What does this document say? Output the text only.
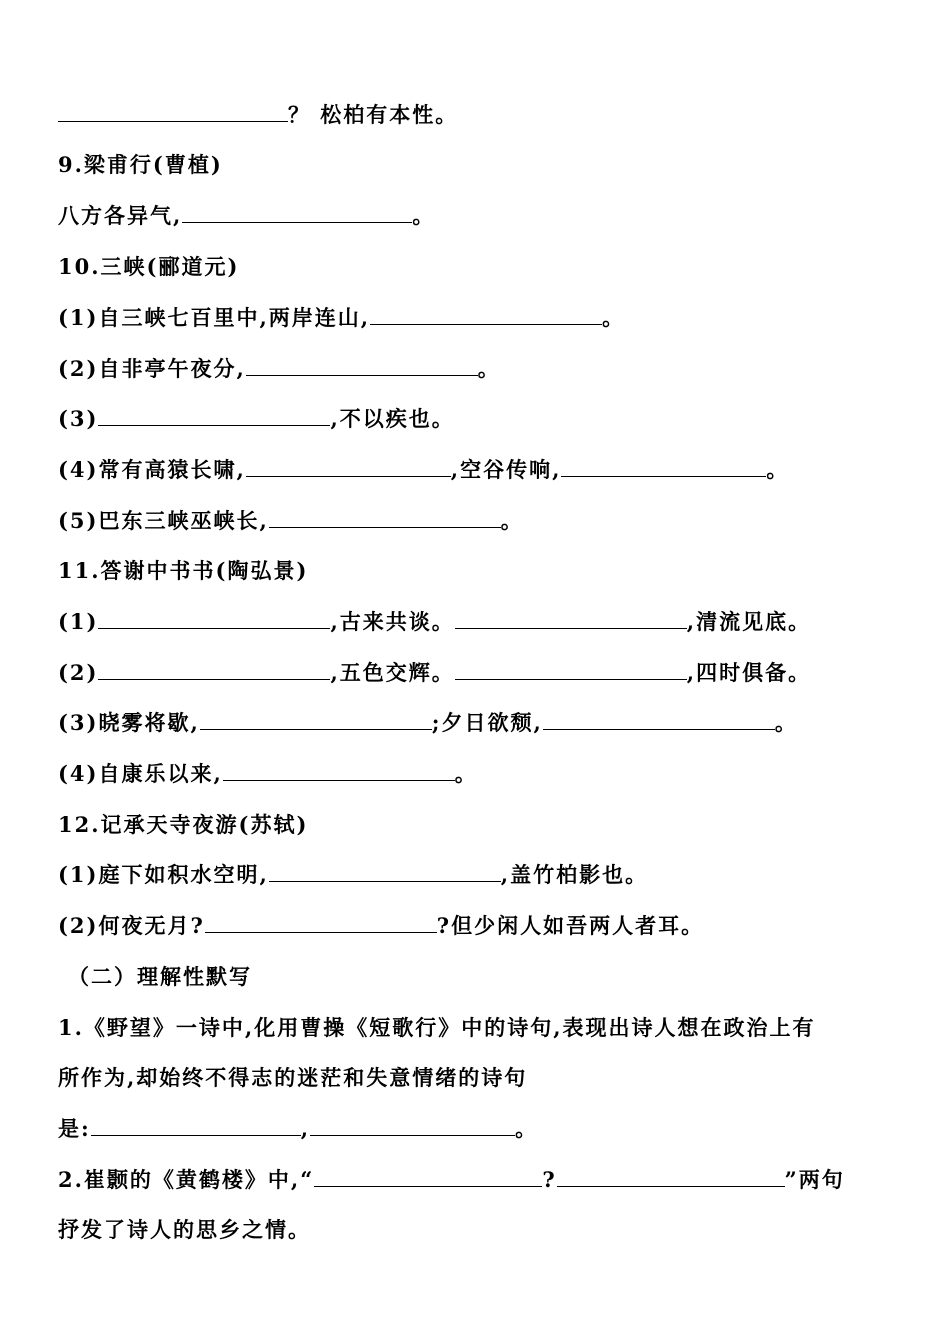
？ 松柏有本性。
9.梁甫行(曹植)
八方各异气,	。
10.三峡(郦道元)
(1)自三峡七百里中,两岸连山,	。
(2)自非亭午夜分,	。
(3)	,不以疾也。
(4)常有高猿长啸,	,空谷传响,	。
(5)巴东三峡巫峡长,	。
11.答谢中书书(陶弘景)
(1)	,古来共谈。	,清流见底。
(2)	,五色交辉。	,四时俱备。
(3)晓雾将歇,	;夕日欲颓,	。
(4)自康乐以来,	。
12.记承天寺夜游(苏轼)
(1)庭下如积水空明,	,盖竹柏影也。
(2)何夜无月?	?但少闲人如吾两人者耳。
（二）理解性默写
1.《野望》一诗中,化用曹操《短歌行》中的诗句,表现出诗人想在政治上有
所作为,却始终不得志的迷茫和失意情绪的诗句
是:	,	。
2.崔颢的《黄鹤楼》中,“	?	”两句
抒发了诗人的思乡之情。
